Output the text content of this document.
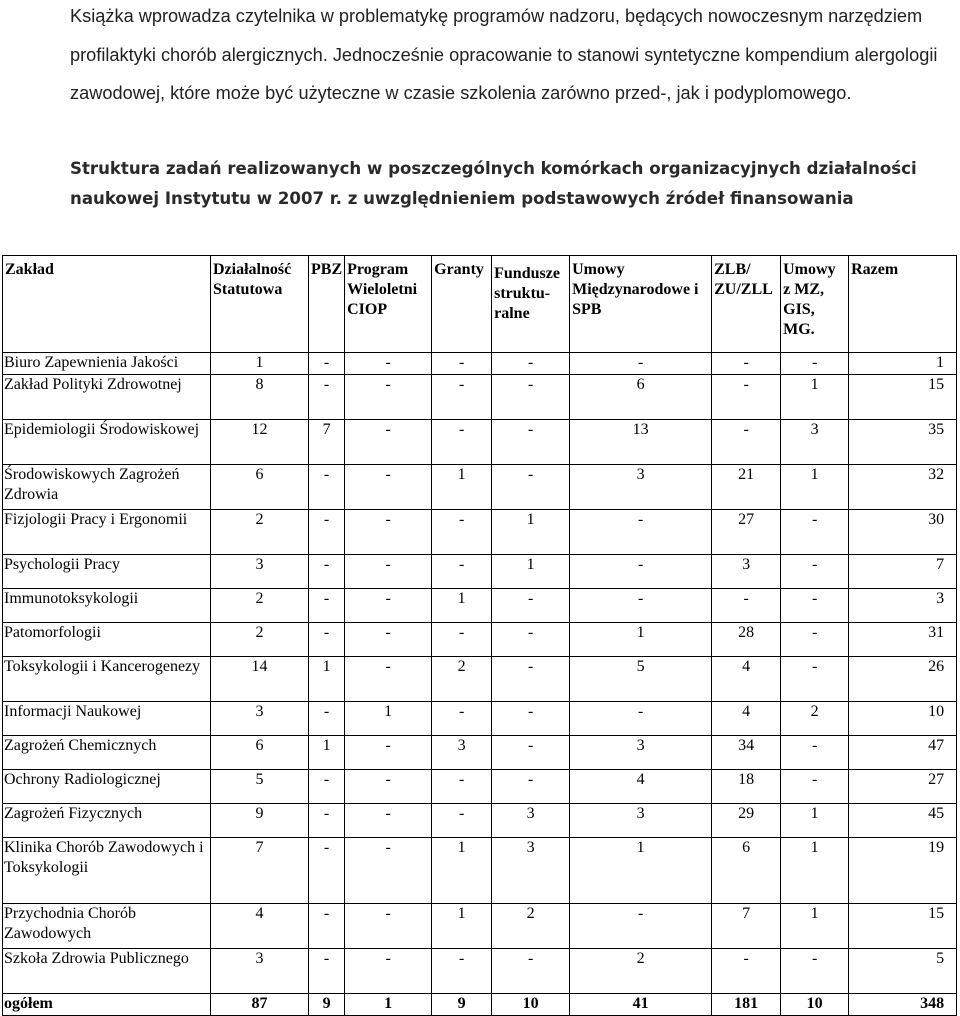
Książka wprowadza czytelnika w problematykę programów nadzoru, będących nowoczesnym narzędziem profilaktyki chorób alergicznych. Jednocześnie opracowanie to stanowi syntetyczne kompendium alergologii zawodowej, które może być użyteczne w czasie szkolenia zarówno przed-, jak i podyplomowego.

Struktura zadań realizowanych w poszczególnych komórkach organizacyjnych działalności naukowej Instytutu w 2007 r. z uwzględnieniem podstawowych źródeł finansowania

Zakład	Działalność Statutowa	PBZ	Program Wieloletni CIOP	Granty	Fundusze struktu-ralne	Umowy Międzynarodowe i SPB	ZLB/ ZU/ZLL	Umowy z MZ, GIS, MG.	Razem
Biuro Zapewnienia Jakości	1	-	-	-	-	-	-	-	1
Zakład Polityki Zdrowotnej	8	-	-	-	-	6	-	1	15
Epidemiologii Środowiskowej	12	7	-	-	-	13	-	3	35
Środowiskowych Zagrożeń Zdrowia	6	-	-	1	-	3	21	1	32
Fizjologii Pracy i Ergonomii	2	-	-	-	1	-	27	-	30
Psychologii Pracy	3	-	-	-	1	-	3	-	7
Immunotoksykologii	2	-	-	1	-	-	-	-	3
Patomorfologii	2	-	-	-	-	1	28	-	31
Toksykologii i Kancerogenezy	14	1	-	2	-	5	4	-	26
Informacji Naukowej	3	-	1	-	-	-	4	2	10
Zagrożeń Chemicznych	6	1	-	3	-	3	34	-	47
Ochrony Radiologicznej	5	-	-	-	-	4	18	-	27
Zagrożeń Fizycznych	9	-	-	-	3	3	29	1	45
Klinika Chorób Zawodowych i Toksykologii	7	-	-	1	3	1	6	1	19
Przychodnia Chorób Zawodowych	4	-	-	1	2	-	7	1	15
Szkoła Zdrowia Publicznego	3	-	-	-	-	2	-	-	5
ogółem	87	9	1	9	10	41	181	10	348
